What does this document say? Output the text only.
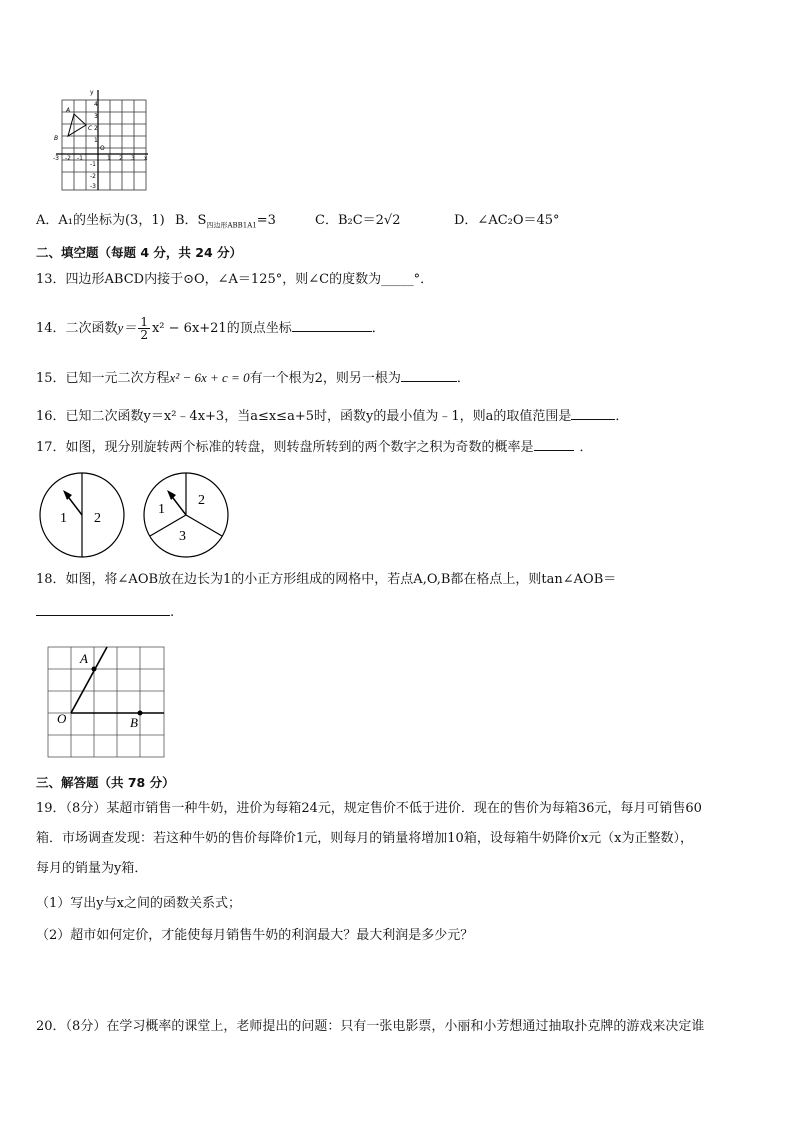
y
x
O
-3 -2 -1	1 2 3
4
3
2
1
-1
-2
-3
A
B
C
A．A₁的坐标为(3，1) B．$S_{四边形ABB1A1}=3$	C．B₂C＝2√2	D．∠AC₂O＝45°
二、填空题（每题 4 分，共 24 分）
13．四边形ABCD内接于⊙O，∠A＝125°，则∠C的度数为_____°．
14．二次函数$y= \frac{1}{2} x^2 - 6x+21$的顶点坐标	．
15．已知一元二次方程x² − 6x + c = 0有一个根为2，则另一根为	．
16．已知二次函数y＝x²﹣4x+3，当a≤x≤a+5时，函数y的最小值为﹣1，则a的取值范围是	．
17．如图，现分别旋转两个标准的转盘，则转盘所转到的两个数字之积为奇数的概率是	．
1 2
1
2
3
18．如图，将∠AOB放在边长为1的小正方形组成的网格中，若点A,O,B都在格点上，则tan∠AOB＝
.
A
O	B
三、解答题（共 78 分）
19．（8分）某超市销售一种牛奶，进价为每箱24元，规定售价不低于进价．现在的售价为每箱36元，每月可销售60
箱．市场调查发现：若这种牛奶的售价每降价1元，则每月的销量将增加10箱，设每箱牛奶降价x元（x为正整数），
每月的销量为y箱．
（1）写出y与x之间的函数关系式；
（2）超市如何定价，才能使每月销售牛奶的利润最大？最大利润是多少元？
20．（8分）在学习概率的课堂上，老师提出的问题：只有一张电影票，小丽和小芳想通过抽取扑克牌的游戏来决定谁
